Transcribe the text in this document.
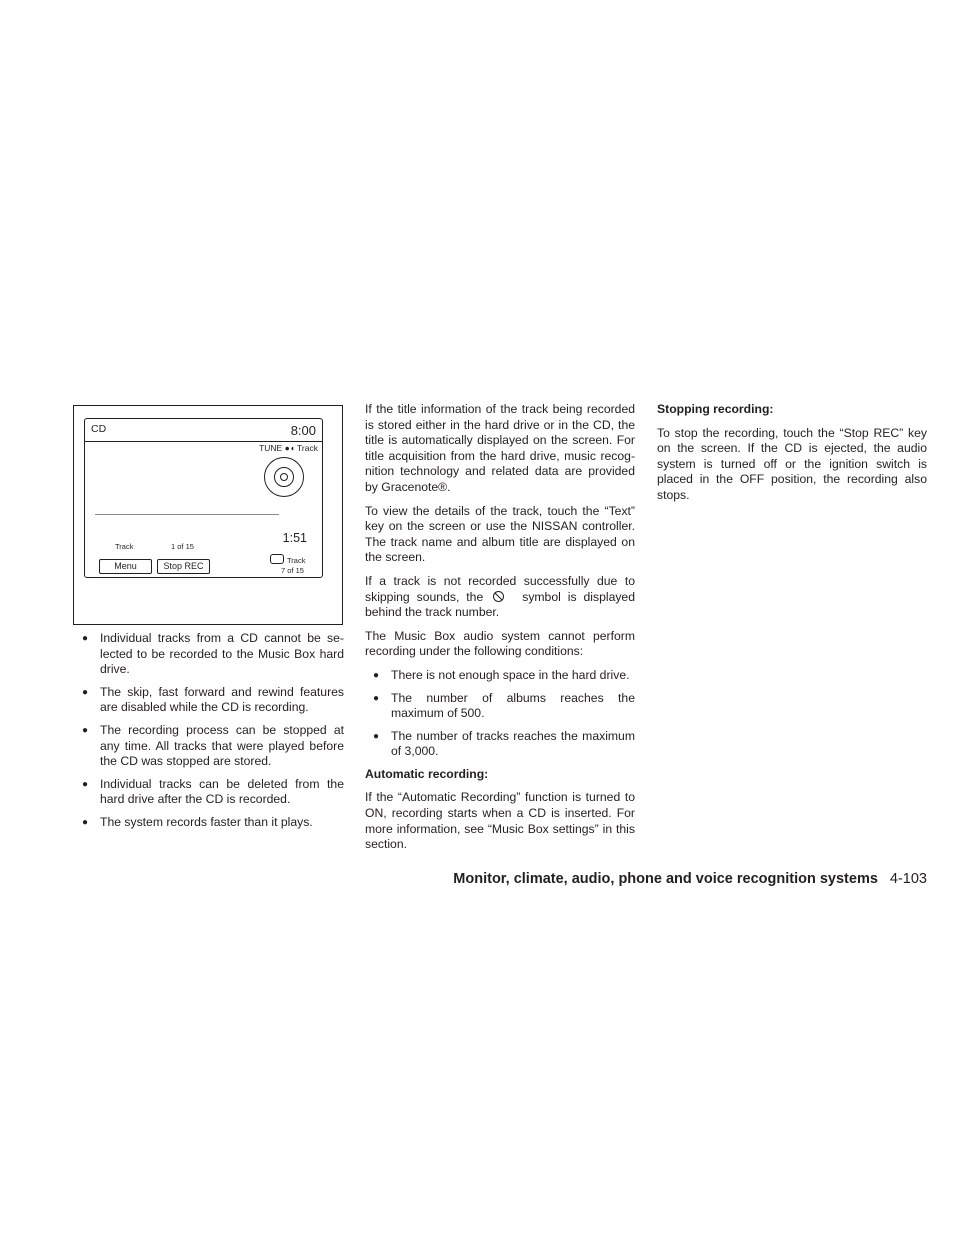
CD	8:00
TUNE ●◖ Track
1:51
Track	1 of 15
Menu	Stop REC
Track
7 of 15
● Individual tracks from a CD cannot be se-lected to be recorded to the Music Box hard drive.
● The skip, fast forward and rewind features are disabled while the CD is recording.
● The recording process can be stopped at any time. All tracks that were played before the CD was stopped are stored.
● Individual tracks can be deleted from the hard drive after the CD is recorded.
● The system records faster than it plays.

If the title information of the track being recorded is stored either in the hard drive or in the CD, the title is automatically displayed on the screen. For title acquisition from the hard drive, music recog-nition technology and related data are provided by Gracenote®.

To view the details of the track, touch the “Text” key on the screen or use the NISSAN controller. The track name and album title are displayed on the screen.

If a track is not recorded successfully due to skipping sounds, the	symbol is displayed behind the track number.

The Music Box audio system cannot perform recording under the following conditions:

● There is not enough space in the hard drive.
● The number of albums reaches the maximum of 500.
● The number of tracks reaches the maximum of 3,000.
Automatic recording:

If the “Automatic Recording” function is turned to ON, recording starts when a CD is inserted. For more information, see “Music Box settings” in this section.

Stopping recording:

To stop the recording, touch the “Stop REC” key on the screen. If the CD is ejected, the audio system is turned off or the ignition switch is placed in the OFF position, the recording also stops.

Monitor, climate, audio, phone and voice recognition systems 4-103
